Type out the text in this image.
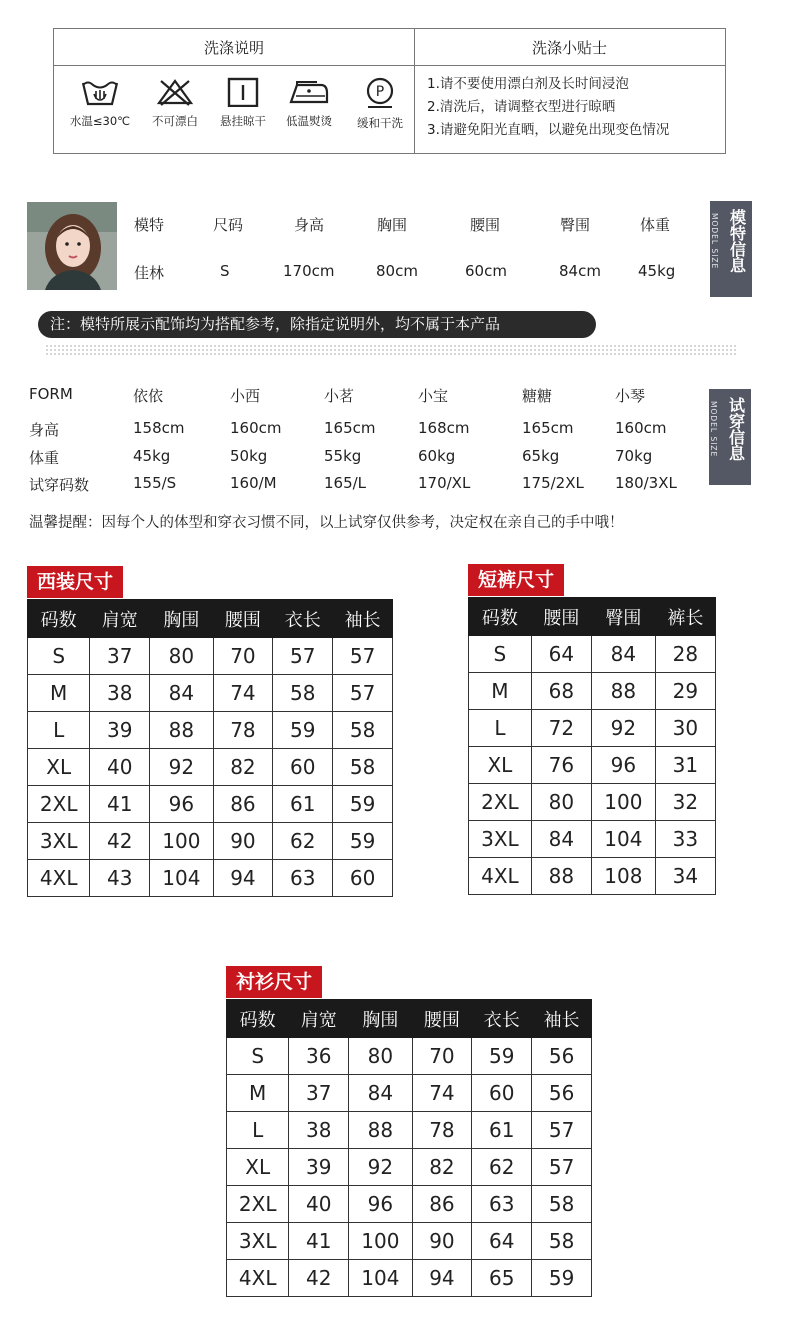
洗涤说明	洗涤小贴士
水温≤30℃	不可漂白	悬挂晾干	低温熨烫
P
缓和干洗
1.请不要使用漂白剂及长时间浸泡
2.清洗后，请调整衣型进行晾晒
3.请避免阳光直晒，以避免出现变色情况
模特	尺码	身高	胸围	腰围	臀围	体重
佳林	S	170cm	80cm	60cm	84cm 45kg
MODEL SIZE 模特信息
注：模特所展示配饰均为搭配参考，除指定说明外，均不属于本产品
FORM	依依	小西	小茗	小宝	糖糖	小琴
身高	158cm	160cm	165cm	168cm	165cm	160cm
体重	45kg	50kg	55kg	60kg	65kg	70kg
试穿码数	155/S	160/M	165/L	170/XL	175/2XL 180/3XL
MODEL SIZE 试穿信息
温馨提醒：因每个人的体型和穿衣习惯不同，以上试穿仅供参考，决定权在亲自己的手中哦！
西装尺寸
码数	肩宽	胸围	腰围	衣长	袖长
S	37	80	70	57	57
M	38	84	74	58	57
L	39	88	78	59	58
XL	40	92	82	60	58
2XL	41	96	86	61	59
3XL	42	100	90	62	59
4XL	43	104	94	63	60
短裤尺寸
码数	腰围	臀围	裤长
S	64	84	28
M	68	88	29
L	72	92	30
XL	76	96	31
2XL	80	100	32
3XL	84	104	33
4XL	88	108	34
衬衫尺寸
码数	肩宽	胸围	腰围	衣长	袖长
S	36	80	70	59	56
M	37	84	74	60	56
L	38	88	78	61	57
XL	39	92	82	62	57
2XL	40	96	86	63	58
3XL	41	100	90	64	58
4XL	42	104	94	65	59
